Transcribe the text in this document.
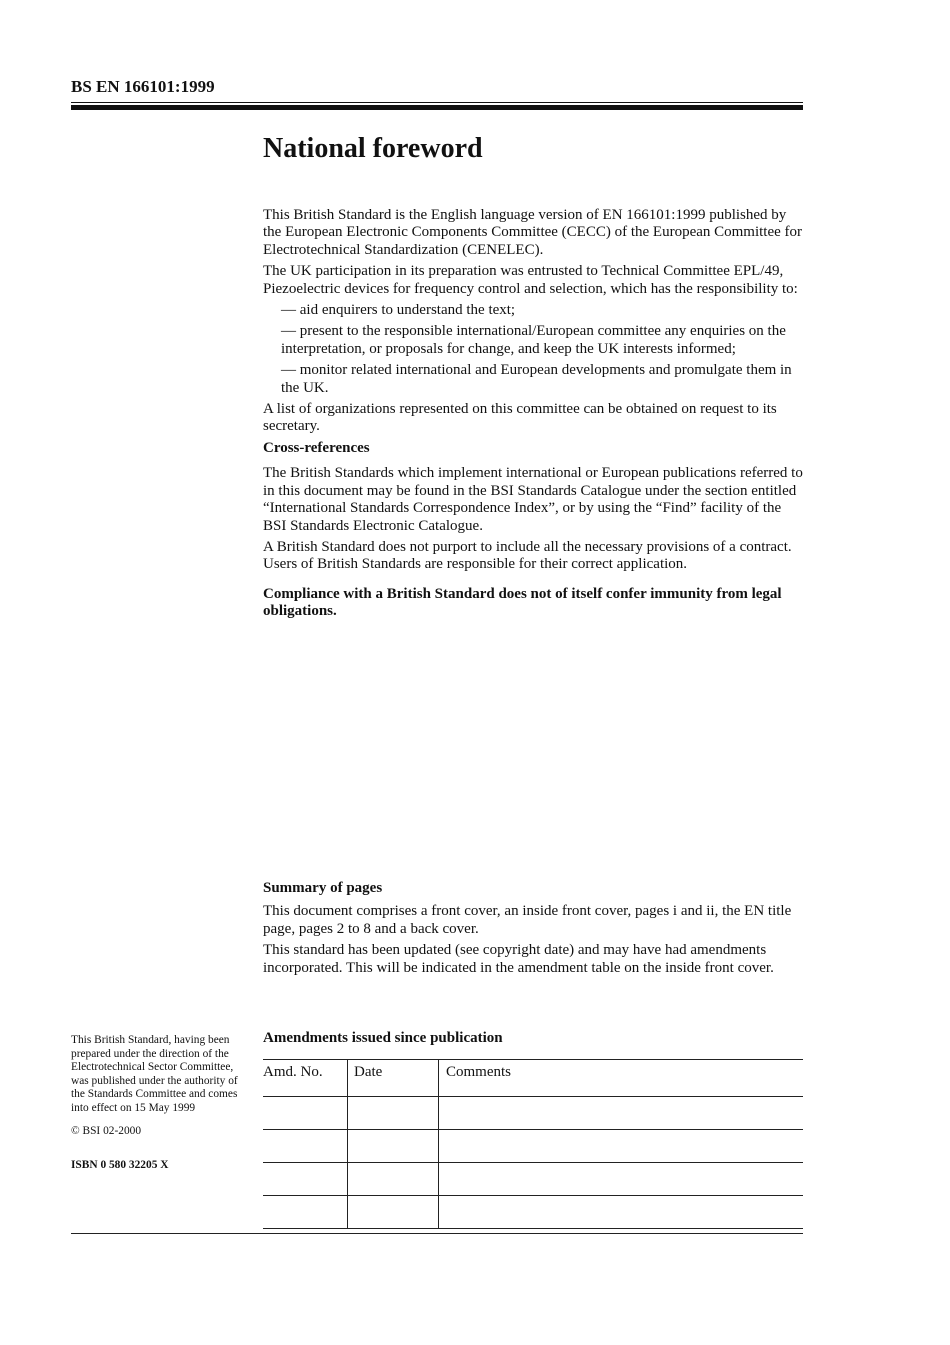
BS EN 166101:1999
National foreword

This British Standard is the English language version of EN 166101:1999 published by the European Electronic Components Committee (CECC) of the European Committee for Electrotechnical Standardization (CENELEC).

The UK participation in its preparation was entrusted to Technical Committee EPL/49, Piezoelectric devices for frequency control and selection, which has the responsibility to:

— aid enquirers to understand the text;

— present to the responsible international/European committee any enquiries on the interpretation, or proposals for change, and keep the UK interests informed;

— monitor related international and European developments and promulgate them in the UK.

A list of organizations represented on this committee can be obtained on request to its secretary.

Cross-references

The British Standards which implement international or European publications referred to in this document may be found in the BSI Standards Catalogue under the section entitled “International Standards Correspondence Index”, or by using the “Find” facility of the BSI Standards Electronic Catalogue.

A British Standard does not purport to include all the necessary provisions of a contract. Users of British Standards are responsible for their correct application.

Compliance with a British Standard does not of itself confer immunity from legal obligations.

Summary of pages

This document comprises a front cover, an inside front cover, pages i and ii, the EN title page, pages 2 to 8 and a back cover.

This standard has been updated (see copyright date) and may have had amendments incorporated. This will be indicated in the amendment table on the inside front cover.

This British Standard, having been prepared under the direction of the Electrotechnical Sector Committee, was published under the authority of the Standards Committee and comes into effect on 15 May 1999

© BSI 02-2000

ISBN 0 580 32205 X

Amendments issued since publication
Amd. No.	Date	Comments
